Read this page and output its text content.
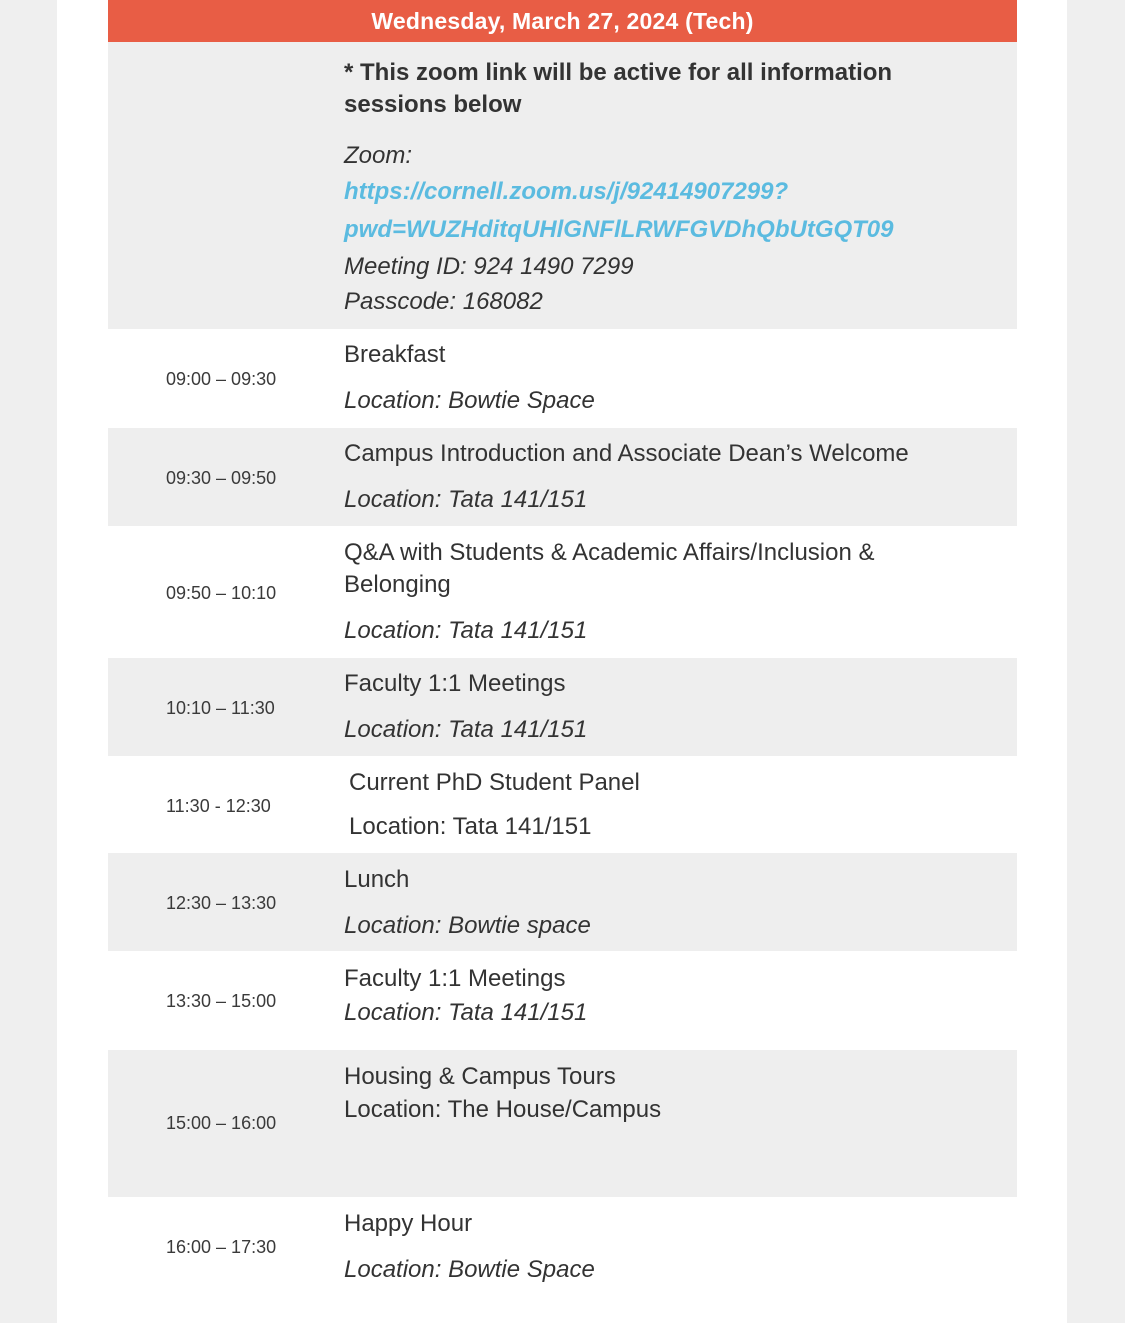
Wednesday, March 27, 2024 (Tech)
* This zoom link will be active for all information sessions below
Zoom:
https://cornell.zoom.us/j/92414907299?
pwd=WUZHditqUHlGNFlLRWFGVDhQbUtGQT09
Meeting ID: 924 1490 7299
Passcode: 168082
09:00 – 09:30
Breakfast
Location: Bowtie Space
09:30 – 09:50
Campus Introduction and Associate Dean’s Welcome
Location: Tata 141/151
09:50 – 10:10
Q&A with Students & Academic Affairs/Inclusion & Belonging
Location: Tata 141/151
10:10 – 11:30
Faculty 1:1 Meetings
Location: Tata 141/151
11:30 - 12:30
Current PhD Student Panel
Location: Tata 141/151
12:30 – 13:30
Lunch
Location: Bowtie space
13:30 – 15:00
Faculty 1:1 Meetings
Location: Tata 141/151
15:00 – 16:00
Housing & Campus Tours
Location: The House/Campus
16:00 – 17:30
Happy Hour
Location: Bowtie Space
